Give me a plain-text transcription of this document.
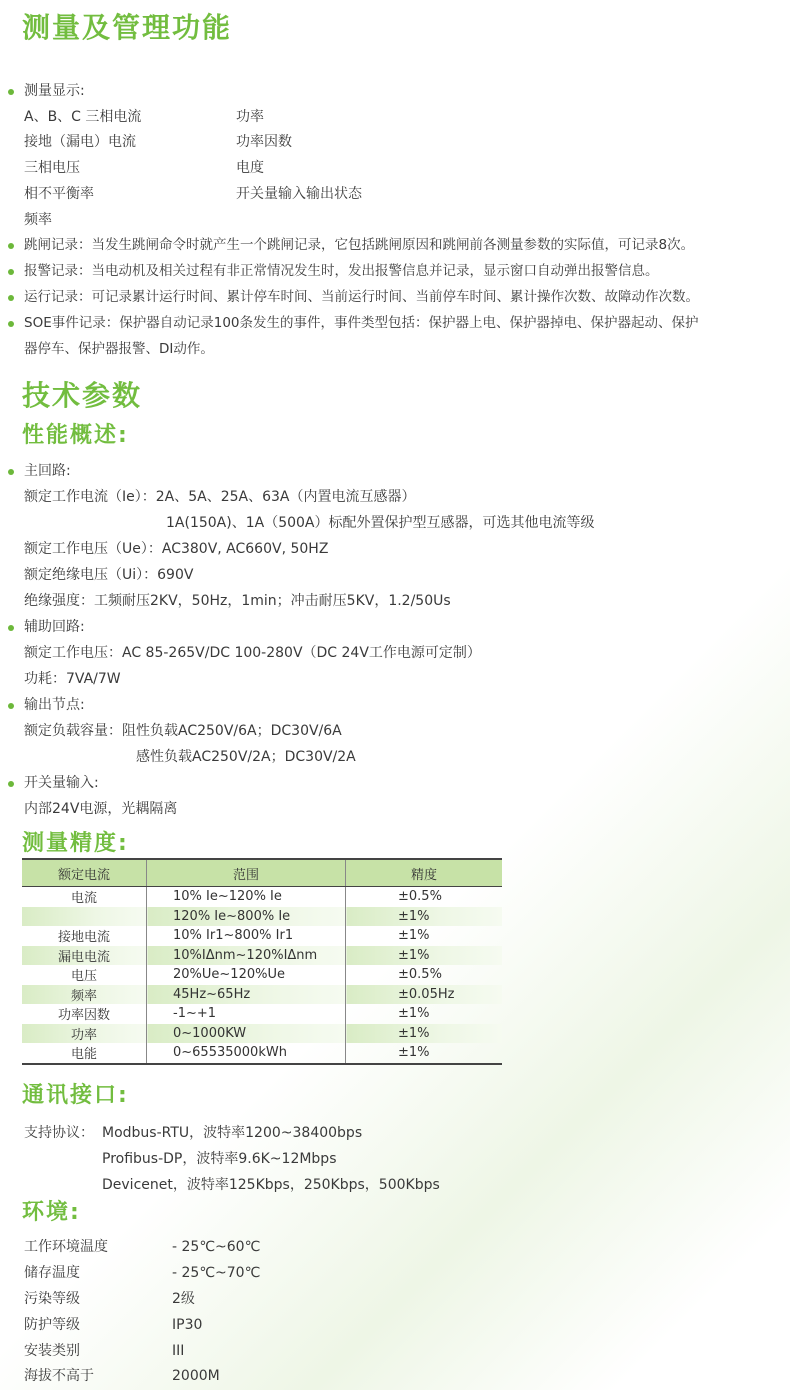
测量及管理功能
测量显示:
A、B、C 三相电流
接地（漏电）电流
三相电压
相不平衡率
频率
功率
功率因数
电度
开关量输入输出状态
跳闸记录：当发生跳闸命令时就产生一个跳闸记录，它包括跳闸原因和跳闸前各测量参数的实际值，可记录8次。
报警记录：当电动机及相关过程有非正常情况发生时，发出报警信息并记录，显示窗口自动弹出报警信息。
运行记录：可记录累计运行时间、累计停车时间、当前运行时间、当前停车时间、累计操作次数、故障动作次数。
SOE事件记录：保护器自动记录100条发生的事件，事件类型包括：保护器上电、保护器掉电、保护器起动、保护
器停车、保护器报警、DI动作。
技术参数
性能概述:
主回路:
额定工作电流（Ie）：2A、5A、25A、63A（内置电流互感器）
1A(150A)、1A（500A）标配外置保护型互感器，可选其他电流等级
额定工作电压（Ue）：AC380V, AC660V, 50HZ
额定绝缘电压（Ui）：690V
绝缘强度：工频耐压2KV，50Hz，1min；冲击耐压5KV，1.2/50Us
辅助回路:
额定工作电压：AC 85-265V/DC 100-280V（DC 24V工作电源可定制）
功耗：7VA/7W
输出节点:
额定负载容量：阻性负载AC250V/6A；DC30V/6A
感性负载AC250V/2A；DC30V/2A
开关量输入:
内部24V电源，光耦隔离
测量精度:
额定电流	范围	精度
电流	10% Ie~120% Ie	±0.5%
	120% Ie~800% Ie	±1%
接地电流	10% Ir1~800% Ir1	±1%
漏电电流	10%IΔnm~120%IΔnm	±1%
电压	20%Ue~120%Ue	±0.5%
频率	45Hz~65Hz	±0.05Hz
功率因数	-1~+1	±1%
功率	0~1000KW	±1%
电能	0~65535000kWh	±1%
通讯接口:
支持协议： Modbus-RTU，波特率1200~38400bps
Profibus-DP，波特率9.6K~12Mbps
Devicenet，波特率125Kbps，250Kbps，500Kbps
环境:
工作环境温度	- 25℃~60℃
储存温度	- 25℃~70℃
污染等级	2级
防护等级	IP30
安装类别	III
海拔不高于	2000M
